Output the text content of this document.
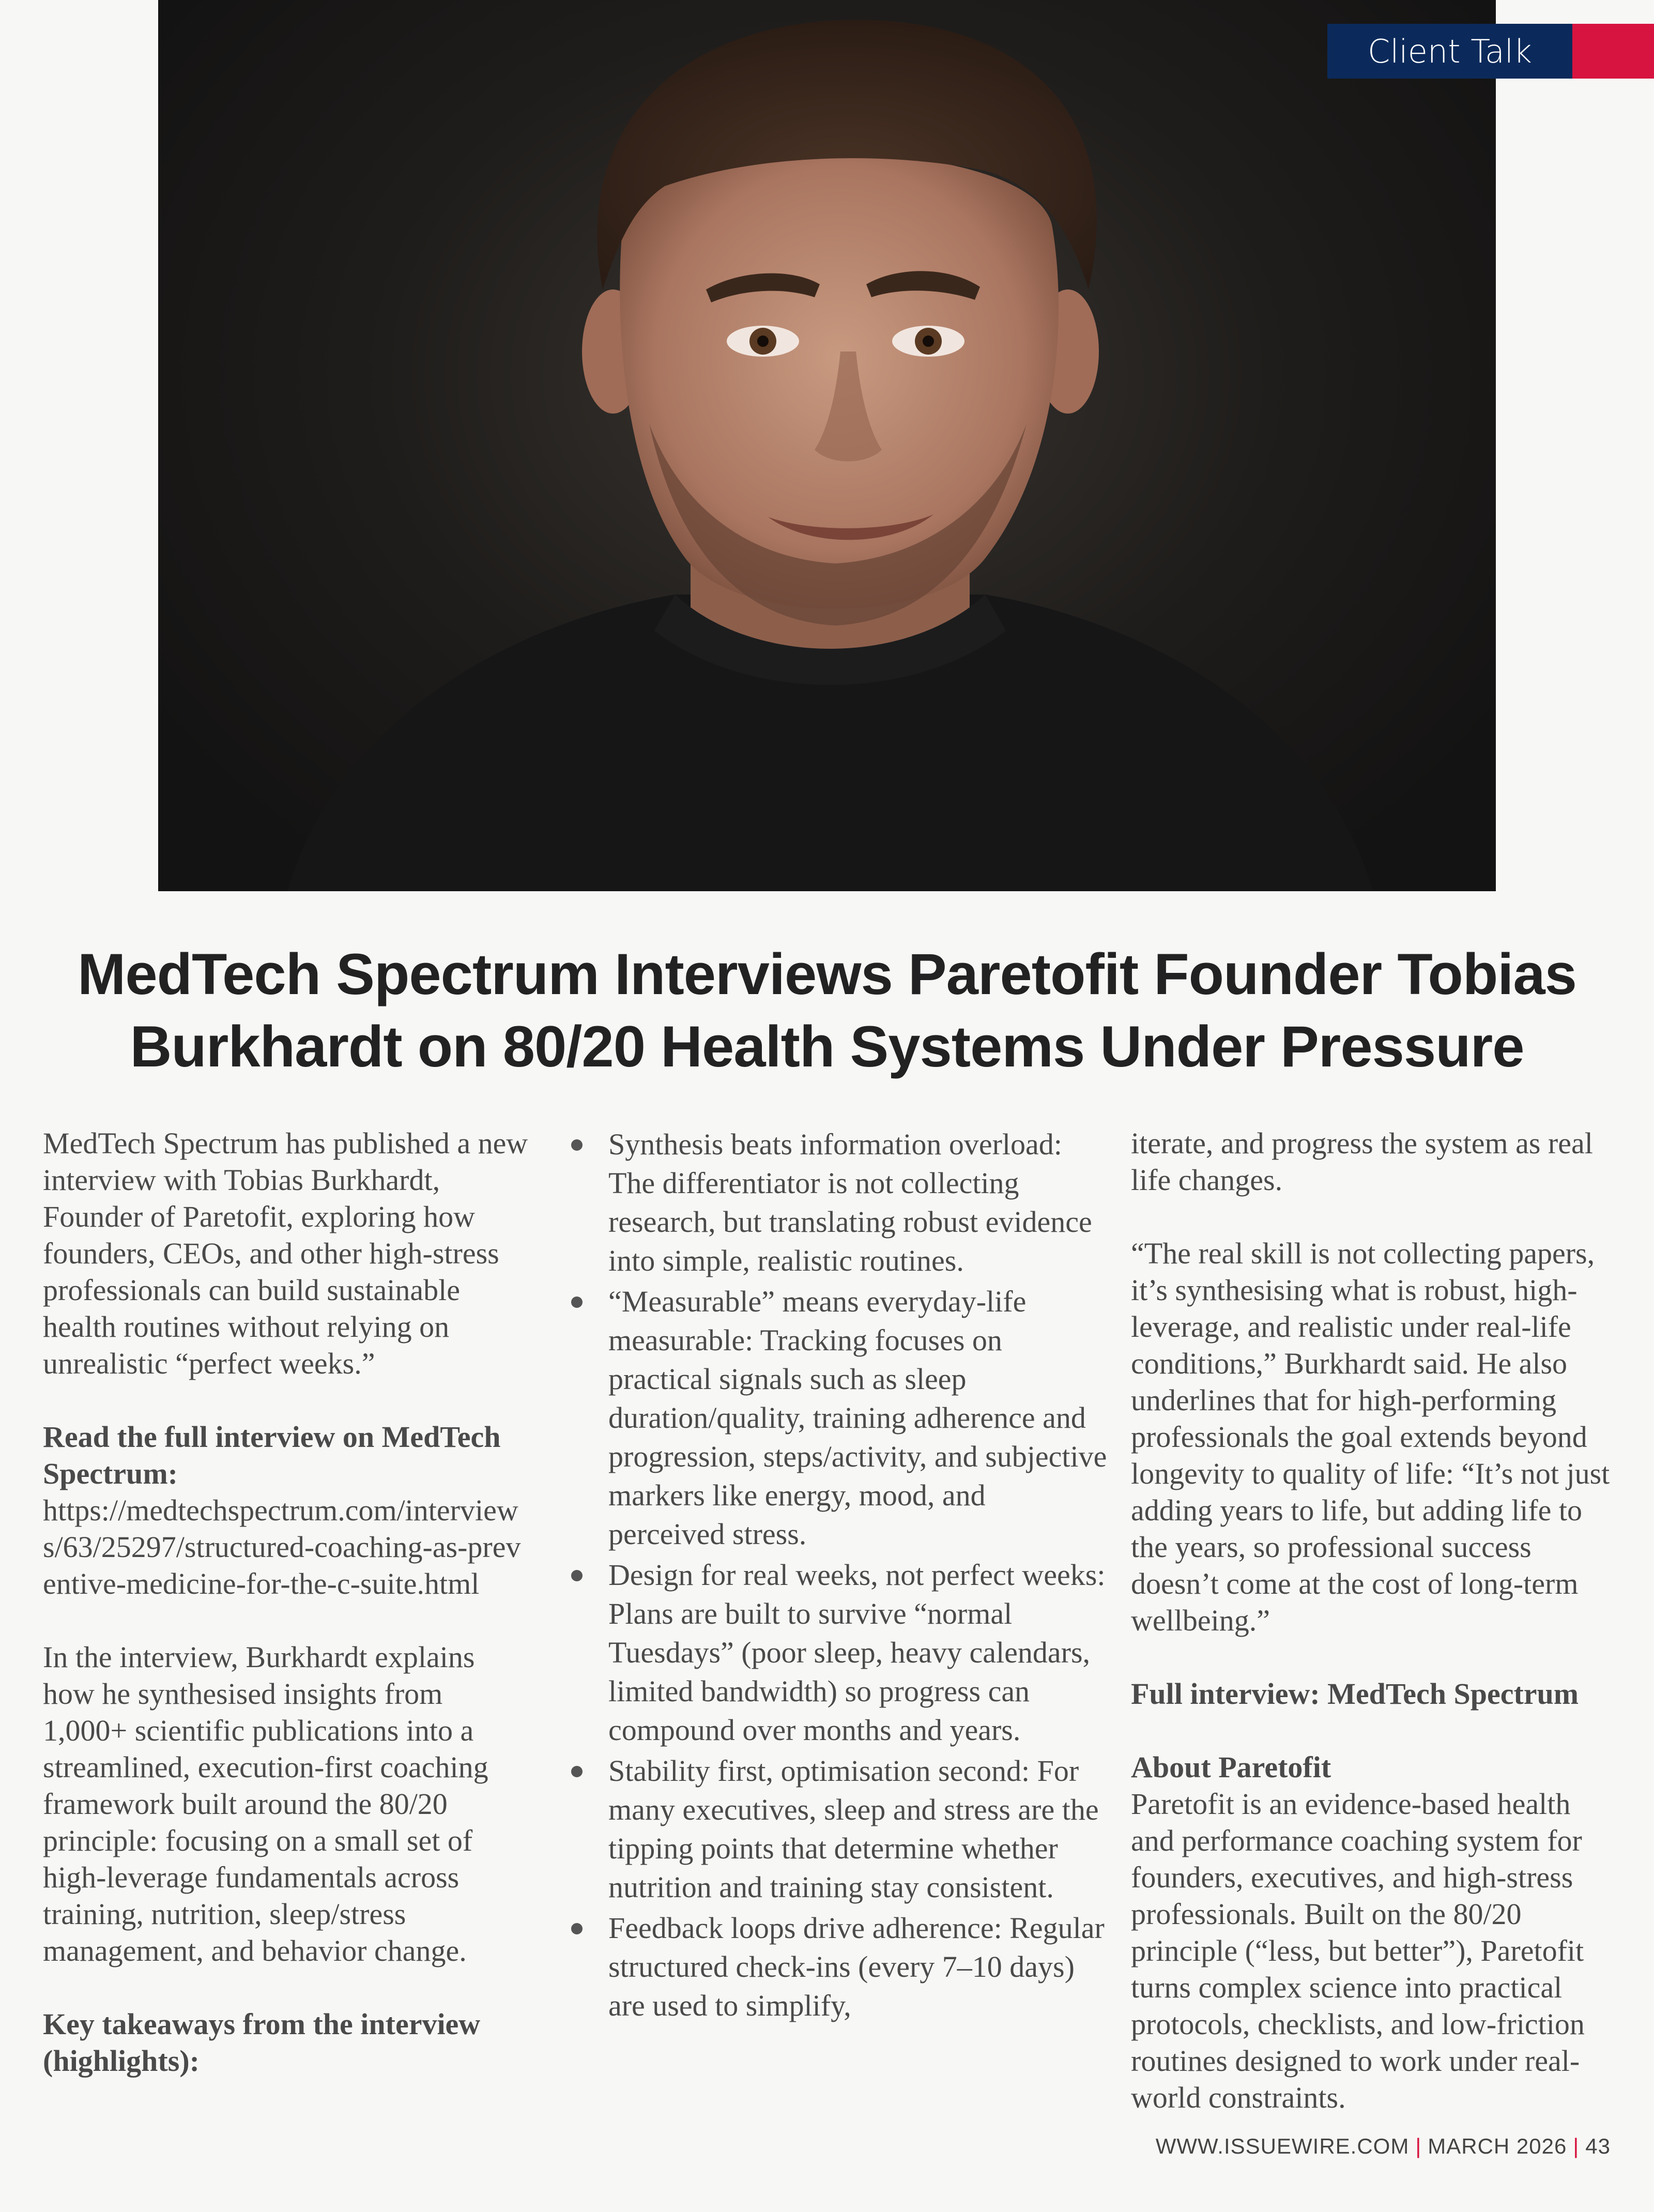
Client Talk
MedTech Spectrum Interviews Paretofit Founder Tobias Burkhardt on 80/20 Health Systems Under Pressure

MedTech Spectrum has published a new interview with Tobias Burkhardt, Founder of Paretofit, exploring how founders, CEOs, and other high-stress professionals can build sustainable health routines without relying on unrealistic “perfect weeks.”

Read the full interview on MedTech Spectrum:

https://medtechspectrum.com/interviews/63/25297/structured-coaching-as-preventive-medicine-for-the-c-suite.html

In the interview, Burkhardt explains how he synthesised insights from 1,000+ scientific publications into a streamlined, execution-first coaching framework built around the 80/20 principle: focusing on a small set of high-leverage fundamentals across training, nutrition, sleep/stress management, and behavior change.

Key takeaways from the interview (highlights):

Synthesis beats information overload: The differentiator is not collecting research, but translating robust evidence into simple, realistic routines.
“Measurable” means everyday-life measurable: Tracking focuses on practical signals such as sleep duration/quality, training adherence and progression, steps/activity, and subjective markers like energy, mood, and perceived stress.
Design for real weeks, not perfect weeks: Plans are built to survive “normal Tuesdays” (poor sleep, heavy calendars, limited bandwidth) so progress can compound over months and years.
Stability first, optimisation second: For many executives, sleep and stress are the tipping points that determine whether nutrition and training stay consistent.
Feedback loops drive adherence: Regular structured check-ins (every 7–10 days) are used to simplify,

iterate, and progress the system as real life changes.

“The real skill is not collecting papers, it’s synthesising what is robust, high-leverage, and realistic under real-life conditions,” Burkhardt said. He also underlines that for high-performing professionals the goal extends beyond longevity to quality of life: “It’s not just adding years to life, but adding life to the years, so professional success doesn’t come at the cost of long-term wellbeing.”

Full interview: MedTech Spectrum

About Paretofit

Paretofit is an evidence-based health and performance coaching system for founders, executives, and high-stress professionals. Built on the 80/20 principle (“less, but better”), Paretofit turns complex science into practical protocols, checklists, and low-friction routines designed to work under real-world constraints.

WWW.ISSUEWIRE.COM | MARCH 2026 | 43
